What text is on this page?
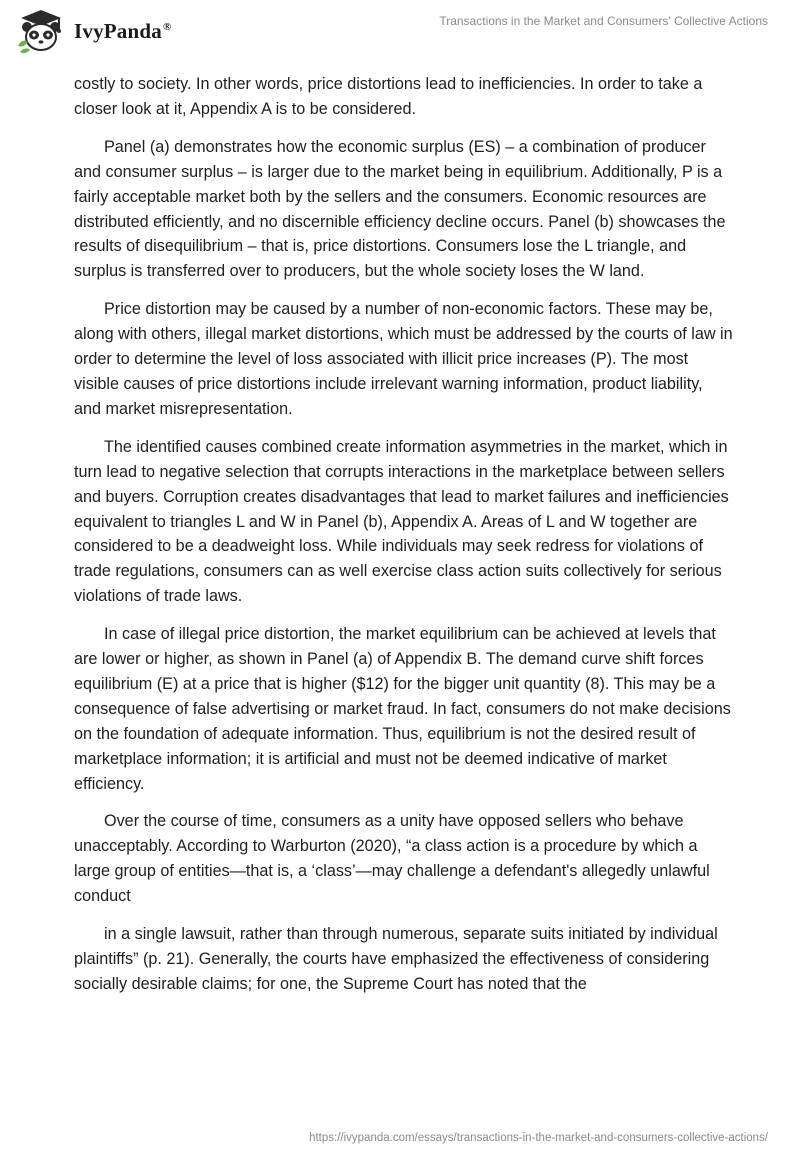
IvyPanda®	Transactions in the Market and Consumers' Collective Actions

costly to society. In other words, price distortions lead to inefficiencies. In order to take a closer look at it, Appendix A is to be considered.

Panel (a) demonstrates how the economic surplus (ES) – a combination of producer and consumer surplus – is larger due to the market being in equilibrium. Additionally, P is a fairly acceptable market both by the sellers and the consumers. Economic resources are distributed efficiently, and no discernible efficiency decline occurs. Panel (b) showcases the results of disequilibrium – that is, price distortions. Consumers lose the L triangle, and surplus is transferred over to producers, but the whole society loses the W land.

Price distortion may be caused by a number of non-economic factors. These may be, along with others, illegal market distortions, which must be addressed by the courts of law in order to determine the level of loss associated with illicit price increases (P). The most visible causes of price distortions include irrelevant warning information, product liability, and market misrepresentation.

The identified causes combined create information asymmetries in the market, which in turn lead to negative selection that corrupts interactions in the marketplace between sellers and buyers. Corruption creates disadvantages that lead to market failures and inefficiencies equivalent to triangles L and W in Panel (b), Appendix A. Areas of L and W together are considered to be a deadweight loss. While individuals may seek redress for violations of trade regulations, consumers can as well exercise class action suits collectively for serious violations of trade laws.

In case of illegal price distortion, the market equilibrium can be achieved at levels that are lower or higher, as shown in Panel (a) of Appendix B. The demand curve shift forces equilibrium (E) at a price that is higher ($12) for the bigger unit quantity (8). This may be a consequence of false advertising or market fraud. In fact, consumers do not make decisions on the foundation of adequate information. Thus, equilibrium is not the desired result of marketplace information; it is artificial and must not be deemed indicative of market efficiency.

Over the course of time, consumers as a unity have opposed sellers who behave unacceptably. According to Warburton (2020), “a class action is a procedure by which a large group of entities—that is, a ‘class’—may challenge a defendant's allegedly unlawful conduct

in a single lawsuit, rather than through numerous, separate suits initiated by individual plaintiffs” (p. 21). Generally, the courts have emphasized the effectiveness of considering socially desirable claims; for one, the Supreme Court has noted that the

https://ivypanda.com/essays/transactions-in-the-market-and-consumers-collective-actions/
